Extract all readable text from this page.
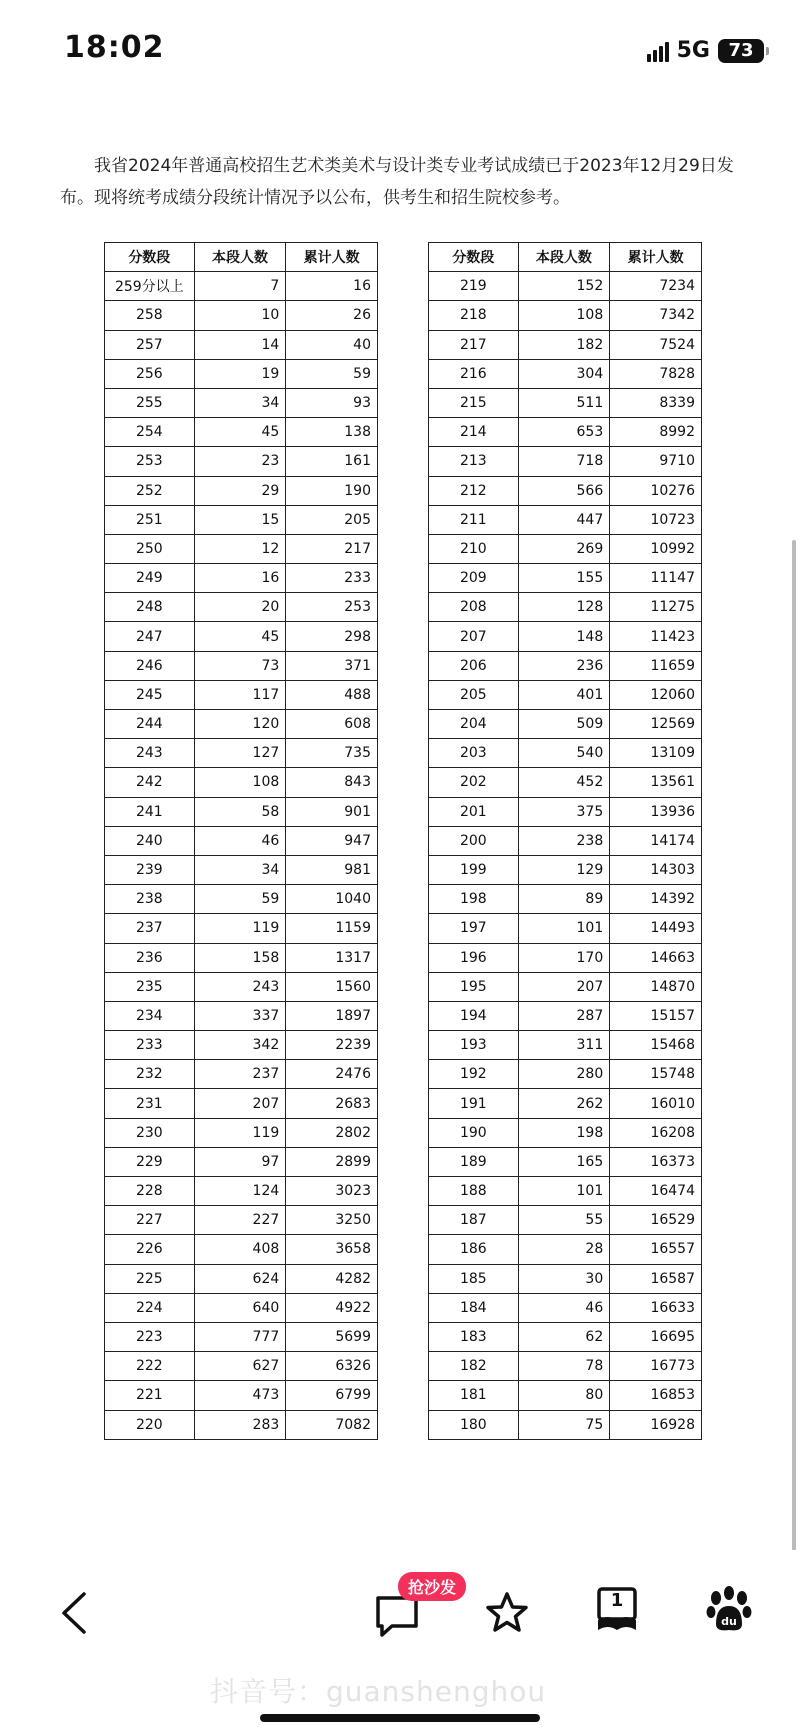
18:02	5G 73
我省2024年普通高校招生艺术类美术与设计类专业考试成绩已于2023年12月29日发布。现将统考成绩分段统计情况予以公布，供考生和招生院校参考。
分数段	本段人数	累计人数
259分以上	7	16
258	10	26
257	14	40
256	19	59
255	34	93
254	45	138
253	23	161
252	29	190
251	15	205
250	12	217
249	16	233
248	20	253
247	45	298
246	73	371
245	117	488
244	120	608
243	127	735
242	108	843
241	58	901
240	46	947
239	34	981
238	59	1040
237	119	1159
236	158	1317
235	243	1560
234	337	1897
233	342	2239
232	237	2476
231	207	2683
230	119	2802
229	97	2899
228	124	3023
227	227	3250
226	408	3658
225	624	4282
224	640	4922
223	777	5699
222	627	6326
221	473	6799
220	283	7082
分数段	本段人数	累计人数
219	152	7234
218	108	7342
217	182	7524
216	304	7828
215	511	8339
214	653	8992
213	718	9710
212	566	10276
211	447	10723
210	269	10992
209	155	11147
208	128	11275
207	148	11423
206	236	11659
205	401	12060
204	509	12569
203	540	13109
202	452	13561
201	375	13936
200	238	14174
199	129	14303
198	89	14392
197	101	14493
196	170	14663
195	207	14870
194	287	15157
193	311	15468
192	280	15748
191	262	16010
190	198	16208
189	165	16373
188	101	16474
187	55	16529
186	28	16557
185	30	16587
184	46	16633
183	62	16695
182	78	16773
181	80	16853
180	75	16928
抢沙发
1
du
抖音号：guanshenghou
